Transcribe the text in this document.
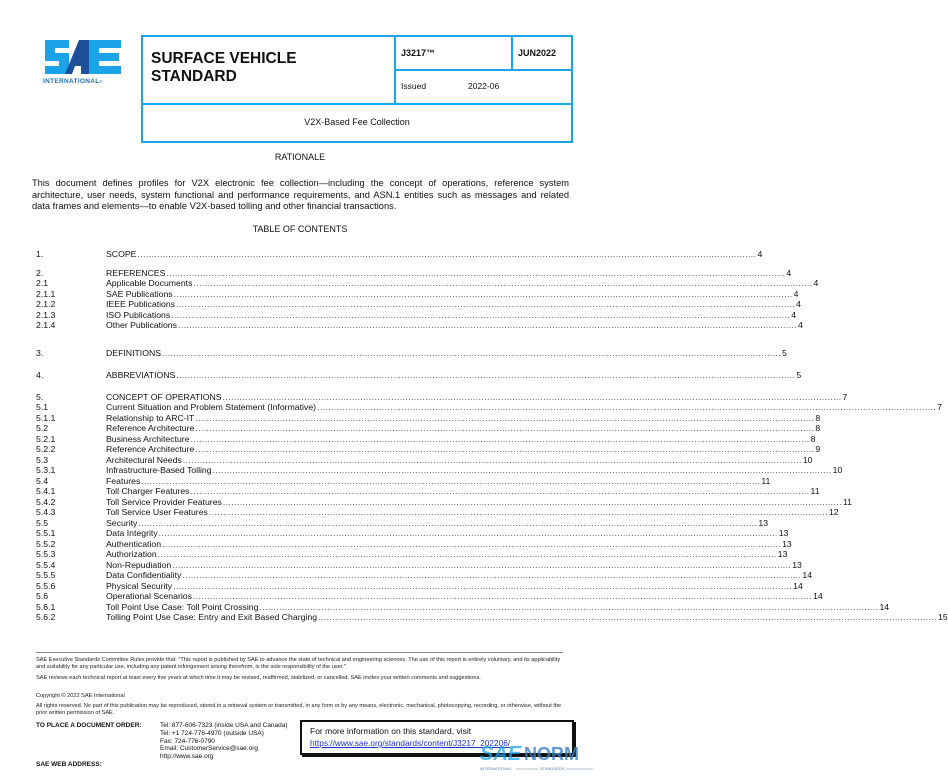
INTERNATIONAL®
SURFACE VEHICLE
STANDARD
J3217™	JUN2022
Issued	2022-06
V2X-Based Fee Collection
RATIONALE
This document defines profiles for V2X electronic fee collection—including the concept of operations, reference system architecture, user needs, system functional and performance requirements, and ASN.1 entities such as messages and related data frames and elements—to enable V2X-based tolling and other financial transactions.
TABLE OF CONTENTS
1.	SCOPE ............................................................................................................................................................................................................................ 4
2.	REFERENCES ............................................................................................................................................................................................................................ 4
2.1	Applicable Documents ............................................................................................................................................................................................................................ 4
2.1.1	SAE Publications ............................................................................................................................................................................................................................ 4
2.1.2	IEEE Publications ............................................................................................................................................................................................................................ 4
2.1.3	ISO Publications ............................................................................................................................................................................................................................ 4
2.1.4	Other Publications ............................................................................................................................................................................................................................ 4
3.	DEFINITIONS ............................................................................................................................................................................................................................ 5
4.	ABBREVIATIONS ............................................................................................................................................................................................................................ 5
5.	CONCEPT OF OPERATIONS ............................................................................................................................................................................................................................ 7
5.1	Current Situation and Problem Statement (Informative) ............................................................................................................................................................................................................................ 7
5.1.1	Relationship to ARC-IT ............................................................................................................................................................................................................................ 8
5.2	Reference Architecture ............................................................................................................................................................................................................................ 8
5.2.1	Business Architecture ............................................................................................................................................................................................................................ 8
5.2.2	Reference Architecture ............................................................................................................................................................................................................................ 9
5.3	Architectural Needs ............................................................................................................................................................................................................................ 10
5.3.1	Infrastructure-Based Tolling ............................................................................................................................................................................................................................ 10
5.4	Features ............................................................................................................................................................................................................................ 11
5.4.1	Toll Charger Features ............................................................................................................................................................................................................................ 11
5.4.2	Toll Service Provider Features ............................................................................................................................................................................................................................ 11
5.4.3	Toll Service User Features ............................................................................................................................................................................................................................ 12
5.5	Security ............................................................................................................................................................................................................................ 13
5.5.1	Data Integrity ............................................................................................................................................................................................................................ 13
5.5.2	Authentication ............................................................................................................................................................................................................................ 13
5.5.3	Authorization ............................................................................................................................................................................................................................ 13
5.5.4	Non-Repudiation ............................................................................................................................................................................................................................ 13
5.5.5	Data Confidentiality ............................................................................................................................................................................................................................ 14
5.5.6	Physical Security ............................................................................................................................................................................................................................ 14
5.6	Operational Scenarios ............................................................................................................................................................................................................................ 14
5.6.1	Toll Point Use Case: Toll Point Crossing ............................................................................................................................................................................................................................ 14
5.6.2	Tolling Point Use Case: Entry and Exit Based Charging ............................................................................................................................................................................................................................ 15
SAE Executive Standards Committee Rules provide that: "This report is published by SAE to advance the state of technical and engineering sciences. The use of this report is entirely voluntary, and its applicability and suitability for any particular use, including any patent infringement arising therefrom, is the sole responsibility of the user."
SAE reviews each technical report at least every five years at which time it may be revised, reaffirmed, stabilized, or cancelled. SAE invites your written comments and suggestions.
Copyright © 2022 SAE International
All rights reserved. No part of this publication may be reproduced, stored in a retrieval system or transmitted, in any form or by any means, electronic, mechanical, photocopying, recording, or otherwise, without the prior written permission of SAE.
TO PLACE A DOCUMENT ORDER:	Tel: 877-606-7323 (inside USA and Canada)
Tel: +1 724-776-4970 (outside USA)
Fax: 724-776-0790
Email: CustomerService@sae.org
http://www.sae.org
SAE WEB ADDRESS:
For more information on this standard, visit
https://www.sae.org/standards/content/J3217_202206/
SAE NORM
INTERNATIONAL	STANDARDS
